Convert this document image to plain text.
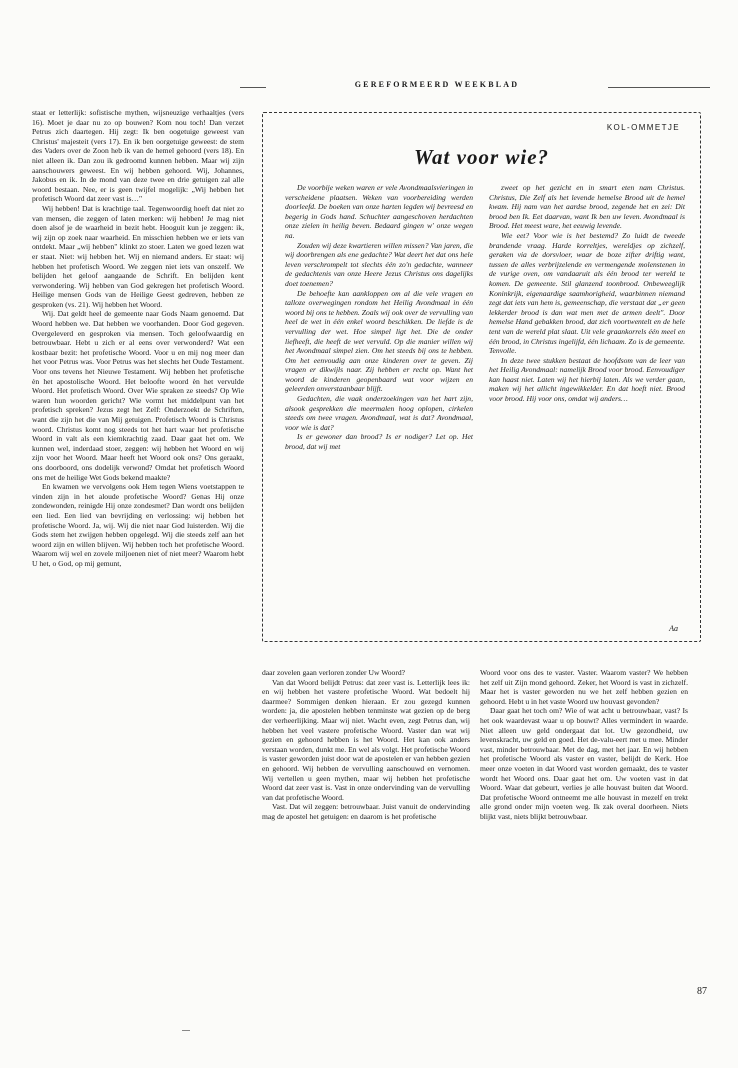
GEREFORMEERD WEEKBLAD

staat er letterlijk: sofistische mythen, wijsneuzige verhaaltjes (vers 16). Moet je daar nu zo op bouwen? Kom nou toch! Dan verzet Petrus zich daartegen. Hij zegt: Ik ben oogetuige geweest van Christus' majesteit (vers 17). En ik ben oorgetuige geweest: de stem des Vaders over de Zoon heb ik van de hemel gehoord (vers 18). En niet alleen ik. Dan zou ik gedroomd kunnen hebben. Maar wij zijn aanschouwers geweest. En wij hebben gehoord. Wij, Johannes, Jakobus en ik. In de mond van deze twee en drie getuigen zal alle woord bestaan. Nee, er is geen twijfel mogelijk: „Wij hebben het profetisch Woord dat zeer vast is…"

Wij hebben! Dat is krachtige taal. Tegenwoordig hoeft dat niet zo van mensen, die zeggen of laten merken: wij hebben! Je mag niet doen alsof je de waarheid in bezit hebt. Hooguit kun je zeggen: ik, wij zijn op zoek naar waarheid. En misschien hebben we er iets van ontdekt. Maar „wij hebben" klinkt zo stoer. Laten we goed lezen wat er staat. Niet: wij hebben het. Wij en niemand anders. Er staat: wij hebben het profetisch Woord. We zeggen niet iets van onszelf. We belijden het geloof aangaande de Schrift. En belijden kent verwondering. Wij hebben van God gekregen het profetisch Woord. Heilige mensen Gods van de Heilige Geest gedreven, hebben ze gesproken (vs. 21). Wij hebben het Woord.

Wij. Dat geldt heel de gemeente naar Gods Naam genoemd. Dat Woord hebben we. Dat hebben we voorhanden. Door God gegeven. Overgeleverd en gesproken via mensen. Toch geloofwaardig en betrouwbaar. Hebt u zich er al eens over verwonderd? Wat een kostbaar bezit: het profetische Woord. Voor u en mij nog meer dan het voor Petrus was. Voor Petrus was het slechts het Oude Testament. Voor ons tevens het Nieuwe Testament. Wij hebben het profetische èn het apostolische Woord. Het beloofte woord èn het vervulde Woord. Het profetisch Woord. Over Wie spraken ze steeds? Op Wie waren hun woorden gericht? Wie vormt het middelpunt van het profetisch spreken? Jezus zegt het Zelf: Onderzoekt de Schriften, want die zijn het die van Mij getuigen. Profetisch Woord is Christus woord. Christus komt nog steeds tot het hart waar het profetische Woord in valt als een kiemkrachtig zaad. Daar gaat het om. We kunnen wel, inderdaad stoer, zeggen: wij hebben het Woord en wij zijn voor het Woord. Maar heeft het Woord ook ons? Ons geraakt, ons doorboord, ons dodelijk verwond? Omdat het profetisch Woord ons met de heilige Wet Gods bekend maakte?

En kwamen we vervolgens ook Hem tegen Wiens voetstappen te vinden zijn in het aloude profetische Woord? Genas Hij onze zondewonden, reinigde Hij onze zondesmet? Dan wordt ons belijden een lied. Een lied van bevrijding en verlossing: wij hebben het profetische Woord. Ja, wij. Wij die niet naar God luisterden. Wij die Gods stem het zwijgen hebben opgelegd. Wij die steeds zelf aan het woord zijn en willen blijven. Wij hebben toch het profetische Woord. Waarom wij wel en zovele miljoenen niet of niet meer? Waarom hebt U het, o God, op mij gemunt,

KOL-OMMETJE
Wat voor wie?

De voorbije weken waren er vele Avondmaalsvieringen in verscheidene plaatsen. Weken van voorbereiding werden doorleefd. De boeken van onze harten legden wij bevreesd en begerig in Gods hand. Schuchter aangeschoven herdachten onze zielen in heilig beven. Bedaard gingen w' onze wegen na.

Zouden wij deze kwartieren willen missen? Van jaren, die wij doorbrengen als ene gedachte? Wat deert het dat ons hele leven verschrompelt tot slechts één zo'n gedachte, wanneer de gedachtenis van onze Heere Jezus Christus ons dagelijks doet toenemen?

De behoefte kan aankloppen om al die vele vragen en talloze overwegingen rondom het Heilig Avondmaal in één woord bij ons te hebben. Zoals wij ook over de vervulling van heel de wet in één enkel woord beschikken. De liefde is de vervulling der wet. Hoe simpel ligt het. Die de onder liefheeft, die heeft de wet vervuld. Op die manier willen wij het Avondmaal simpel zien. Om het steeds bij ons te hebben. Om het eenvoudig aan onze kinderen over te geven. Zij vragen er dikwijls naar. Zij hebben er recht op. Want het woord de kinderen geopenbaard wat voor wijzen en geleerden onverstaanbaar blijft.

Gedachten, die vaak onderzoekingen van het hart zijn, alsook gesprekken die meermalen hoog oplopen, cirkelen steeds om twee vragen. Avondmaal, wat is dat? Avondmaal, voor wie is dat?

Is er gewoner dan brood? Is er nodiger? Let op. Het brood, dat wij met

zweet op het gezicht en in smart eten nam Christus. Christus, Die Zelf als het levende hemelse Brood uit de hemel kwam. Hij nam van het aardse brood, zegende het en zei: Dit brood ben Ik. Eet daarvan, want Ik ben uw leven. Avondmaal is Brood. Het meest ware, het eeuwig levende.

Wie eet? Voor wie is het bestemd? Zo luidt de tweede brandende vraag. Harde korreltjes, wereldjes op zichzelf, geraken via de dorsvloer, waar de boze zifter driftig want, tussen de alles verbrijzelende en vermengende molenstenen in de vurige oven, om vandaaruit als één brood ter wereld te komen. De gemeente. Stil glanzend toonbrood. Onbeweeglijk Koninkrijk, eigenaardige saamhorigheid, waarbinnen niemand zegt dat iets van hem is, gemeenschap, die verstaat dat „er geen lekkerder brood is dan wat men met de armen deelt". Door hemelse Hand gebakken brood, dat zich voortwentelt en de hele tent van de wereld plat slaat. Uit vele graankorrels één meel en één brood, in Christus ingelijfd, één lichaam. Zo is de gemeente. Tenvolle.

In deze twee stukken bestaat de hoofdsom van de leer van het Heilig Avondmaal: namelijk Brood voor brood. Eenvoudiger kan haast niet. Laten wij het hierbij laten. Als we verder gaan, maken wij het allicht ingewikkelder. En dat hoeft niet. Brood voor brood. Hij voor ons, omdat wij anders…

Aa

daar zovelen gaan verloren zonder Uw Woord?

Van dat Woord belijdt Petrus: dat zeer vast is. Letterlijk lees ik: en wij hebben het vastere profetische Woord. Wat bedoelt hij daarmee? Sommigen denken hieraan. Er zou gezegd kunnen worden: ja, die apostelen hebben tenminste wat gezien op de berg der verheerlijking. Maar wij niet. Wacht even, zegt Petrus dan, wij hebben het veel vastere profetische Woord. Vaster dan wat wij gezien en gehoord hebben is het Woord. Het kan ook anders verstaan worden, dunkt me. En wel als volgt. Het profetische Woord is vaster geworden juist door wat de apostelen er van hebben gezien en gehoord. Wij hebben de vervulling aanschouwd en vernomen. Wij vertellen u geen mythen, maar wij hebben het profetische Woord dat zeer vast is. Vast in onze ondervinding van de vervulling van dat profetische Woord.

Vast. Dat wil zeggen: betrouwbaar. Juist vanuit de ondervinding mag de apostel het getuigen: en daarom is het profetische

Woord voor ons des te vaster. Vaster. Waarom vaster? We hebben het zelf uit Zijn mond gehoord. Zeker, het Woord is vast in zichzelf. Maar het is vaster geworden nu we het zelf hebben gezien en gehoord. Hebt u in het vaste Woord uw houvast gevonden?

Daar gaat het toch om? Wie of wat acht u betrouwbaar, vast? Is het ook waardevast waar u op bouwt? Alles vermindert in waarde. Niet alleen uw geld ondergaat dat lot. Uw gezondheid, uw levenskracht, uw geld en goed. Het de-valu-eert met u mee. Minder vast, minder betrouwbaar. Met de dag, met het jaar. En wij hebben het profetische Woord als vaster en vaster, belijdt de Kerk. Hoe meer onze voeten in dat Woord vast worden gemaakt, des te vaster wordt het Woord ons. Daar gaat het om. Uw voeten vast in dat Woord. Waar dat gebeurt, verlies je alle houvast buiten dat Woord. Dat profetische Woord ontneemt me alle houvast in mezelf en trekt alle grond onder mijn voeten weg. Ik zak overal doorheen. Niets blijkt vast, niets blijkt betrouwbaar.

87
